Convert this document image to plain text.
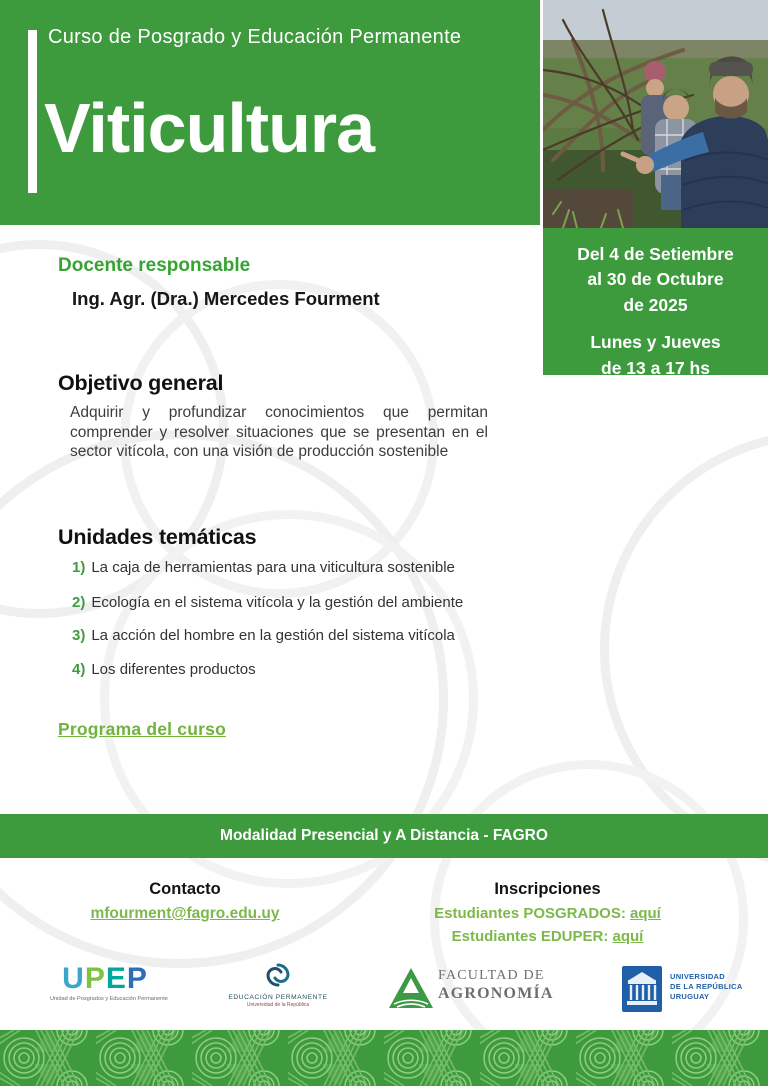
Curso de Posgrado y Educación Permanente
Viticultura
Del 4 de Setiembre
al 30 de Octubre
de 2025
Lunes y Jueves
de 13 a 17 hs
Docente responsable
Ing. Agr. (Dra.) Mercedes Fourment
Objetivo general
Adquirir y profundizar conocimientos que permitan comprender y resolver situaciones que se presentan en el sector vitícola, con una visión de producción sostenible
Unidades temáticas
1) La caja de herramientas para una viticultura sostenible
2) Ecología en el sistema vitícola y la gestión del ambiente
3) La acción del hombre en la gestión del sistema vitícola
4) Los diferentes productos
Programa del curso
Modalidad Presencial y A Distancia - FAGRO
Contacto
mfourment@fagro.edu.uy
Inscripciones
Estudiantes POSGRADOS: aquí
Estudiantes EDUPER: aquí
UPEP
Unidad de Posgrados y Educación Permanente	EDUCACIÓN PERMANENTE
Universidad de la República
FACULTAD DE
AGRONOMÍA
UNIVERSIDAD
DE LA REPÚBLICA
URUGUAY
